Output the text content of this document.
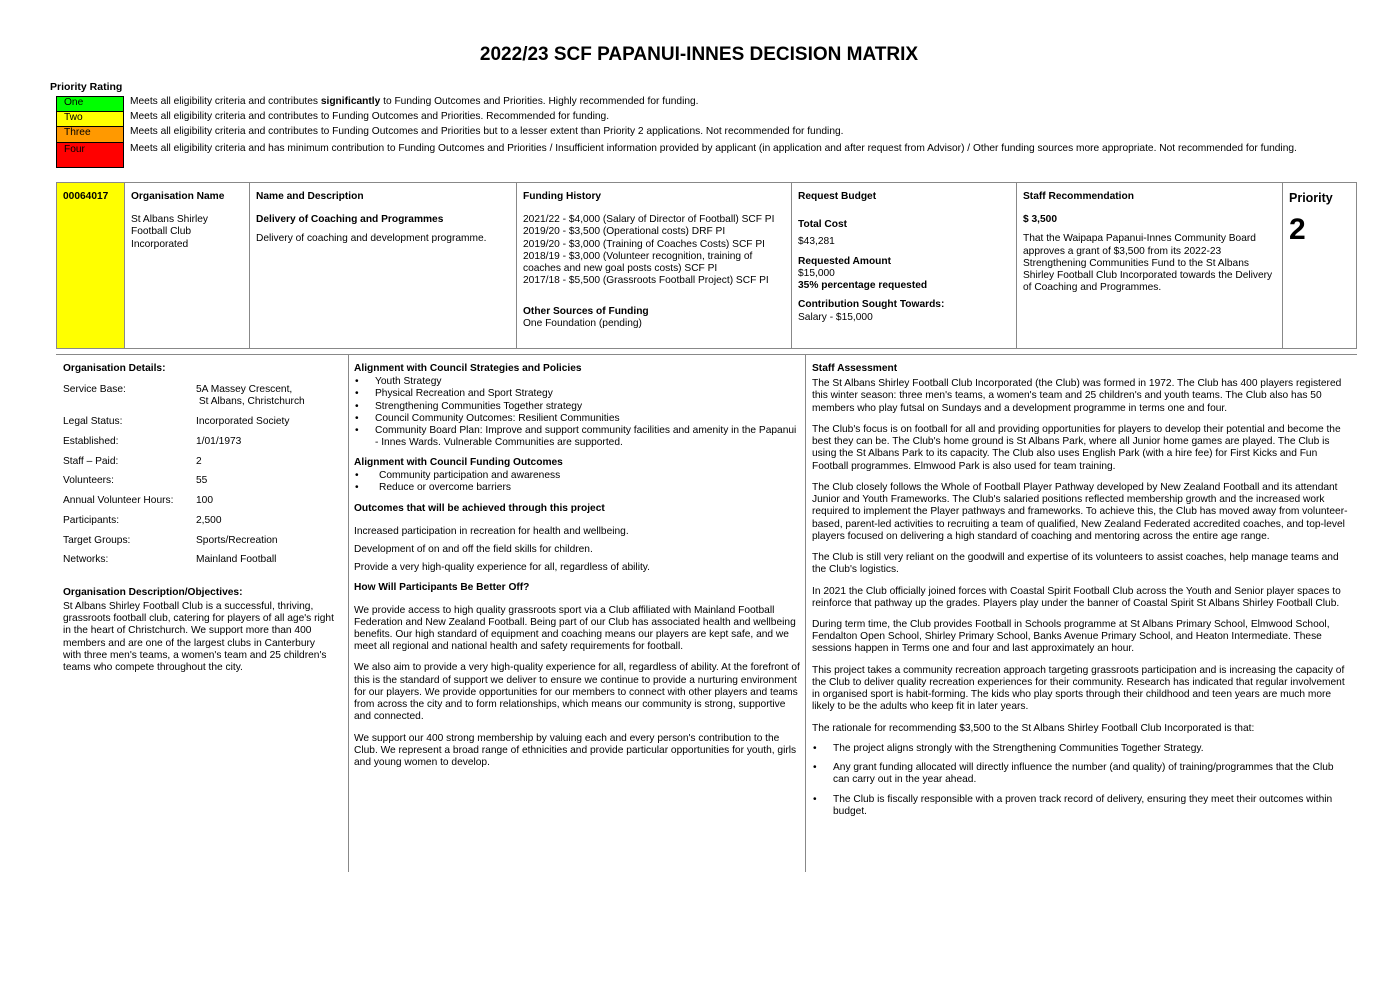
2022/23 SCF PAPANUI-INNES DECISION MATRIX
Priority Rating
One	Meets all eligibility criteria and contributes significantly to Funding Outcomes and Priorities. Highly recommended for funding.
Two	Meets all eligibility criteria and contributes to Funding Outcomes and Priorities. Recommended for funding.
Three	Meets all eligibility criteria and contributes to Funding Outcomes and Priorities but to a lesser extent than Priority 2 applications. Not recommended for funding.
Four	Meets all eligibility criteria and has minimum contribution to Funding Outcomes and Priorities / Insufficient information provided by applicant (in application and after request from Advisor) / Other funding sources more appropriate. Not recommended for funding.
00064017	Organisation Name
St Albans Shirley Football Club Incorporated
Name and Description
Delivery of Coaching and Programmes
Delivery of coaching and development programme.
Funding History
2021/22 - $4,000 (Salary of Director of Football) SCF PI
2019/20 - $3,500 (Operational costs) DRF PI
2019/20 - $3,000 (Training of Coaches Costs) SCF PI
2018/19 - $3,000 (Volunteer recognition, training of coaches and new goal posts costs) SCF PI
2017/18 - $5,500 (Grassroots Football Project) SCF PI
Other Sources of Funding
One Foundation (pending)
Request Budget
Total Cost
$43,281
Requested Amount
$15,000
35% percentage requested
Contribution Sought Towards:
Salary - $15,000
Staff Recommendation
$ 3,500
That the Waipapa Papanui-Innes Community Board approves a grant of $3,500 from its 2022-23 Strengthening Communities Fund to the St Albans Shirley Football Club Incorporated towards the Delivery of Coaching and Programmes.
Priority
2
Organisation Details:
Service Base:	5A Massey Crescent,
St Albans, Christchurch
Legal Status:	Incorporated Society
Established:	1/01/1973
Staff – Paid:	2
Volunteers:	55
Annual Volunteer Hours:	100
Participants:	2,500
Target Groups:	Sports/Recreation
Networks:	Mainland Football
Organisation Description/Objectives:
St Albans Shirley Football Club is a successful, thriving, grassroots football club, catering for players of all age's right in the heart of Christchurch. We support more than 400 members and are one of the largest clubs in Canterbury with three men's teams, a women's team and 25 children's teams who compete throughout the city.
Alignment with Council Strategies and Policies
• Youth Strategy
• Physical Recreation and Sport Strategy
• Strengthening Communities Together strategy
• Council Community Outcomes: Resilient Communities
• Community Board Plan: Improve and support community facilities and amenity in the Papanui - Innes Wards. Vulnerable Communities are supported.
Alignment with Council Funding Outcomes
• Community participation and awareness
• Reduce or overcome barriers
Outcomes that will be achieved through this project
Increased participation in recreation for health and wellbeing.
Development of on and off the field skills for children.
Provide a very high-quality experience for all, regardless of ability.
How Will Participants Be Better Off?
We provide access to high quality grassroots sport via a Club affiliated with Mainland Football Federation and New Zealand Football. Being part of our Club has associated health and wellbeing benefits. Our high standard of equipment and coaching means our players are kept safe, and we meet all regional and national health and safety requirements for football.
We also aim to provide a very high-quality experience for all, regardless of ability. At the forefront of this is the standard of support we deliver to ensure we continue to provide a nurturing environment for our players. We provide opportunities for our members to connect with other players and teams from across the city and to form relationships, which means our community is strong, supportive and connected.
We support our 400 strong membership by valuing each and every person's contribution to the Club. We represent a broad range of ethnicities and provide particular opportunities for youth, girls and young women to develop.
Staff Assessment
The St Albans Shirley Football Club Incorporated (the Club) was formed in 1972. The Club has 400 players registered this winter season: three men's teams, a women's team and 25 children's and youth teams. The Club also has 50 members who play futsal on Sundays and a development programme in terms one and four.
The Club's focus is on football for all and providing opportunities for players to develop their potential and become the best they can be. The Club's home ground is St Albans Park, where all Junior home games are played. The Club is using the St Albans Park to its capacity. The Club also uses English Park (with a hire fee) for First Kicks and Fun Football programmes. Elmwood Park is also used for team training.
The Club closely follows the Whole of Football Player Pathway developed by New Zealand Football and its attendant Junior and Youth Frameworks. The Club's salaried positions reflected membership growth and the increased work required to implement the Player pathways and frameworks. To achieve this, the Club has moved away from volunteer-based, parent-led activities to recruiting a team of qualified, New Zealand Federated accredited coaches, and top-level players focused on delivering a high standard of coaching and mentoring across the entire age range.
The Club is still very reliant on the goodwill and expertise of its volunteers to assist coaches, help manage teams and the Club's logistics.
In 2021 the Club officially joined forces with Coastal Spirit Football Club across the Youth and Senior player spaces to reinforce that pathway up the grades. Players play under the banner of Coastal Spirit St Albans Shirley Football Club.
During term time, the Club provides Football in Schools programme at St Albans Primary School, Elmwood School, Fendalton Open School, Shirley Primary School, Banks Avenue Primary School, and Heaton Intermediate. These sessions happen in Terms one and four and last approximately an hour.
This project takes a community recreation approach targeting grassroots participation and is increasing the capacity of the Club to deliver quality recreation experiences for their community. Research has indicated that regular involvement in organised sport is habit-forming. The kids who play sports through their childhood and teen years are much more likely to be the adults who keep fit in later years.
The rationale for recommending $3,500 to the St Albans Shirley Football Club Incorporated is that:
• The project aligns strongly with the Strengthening Communities Together Strategy.
• Any grant funding allocated will directly influence the number (and quality) of training/programmes that the Club can carry out in the year ahead.
• The Club is fiscally responsible with a proven track record of delivery, ensuring they meet their outcomes within budget.
